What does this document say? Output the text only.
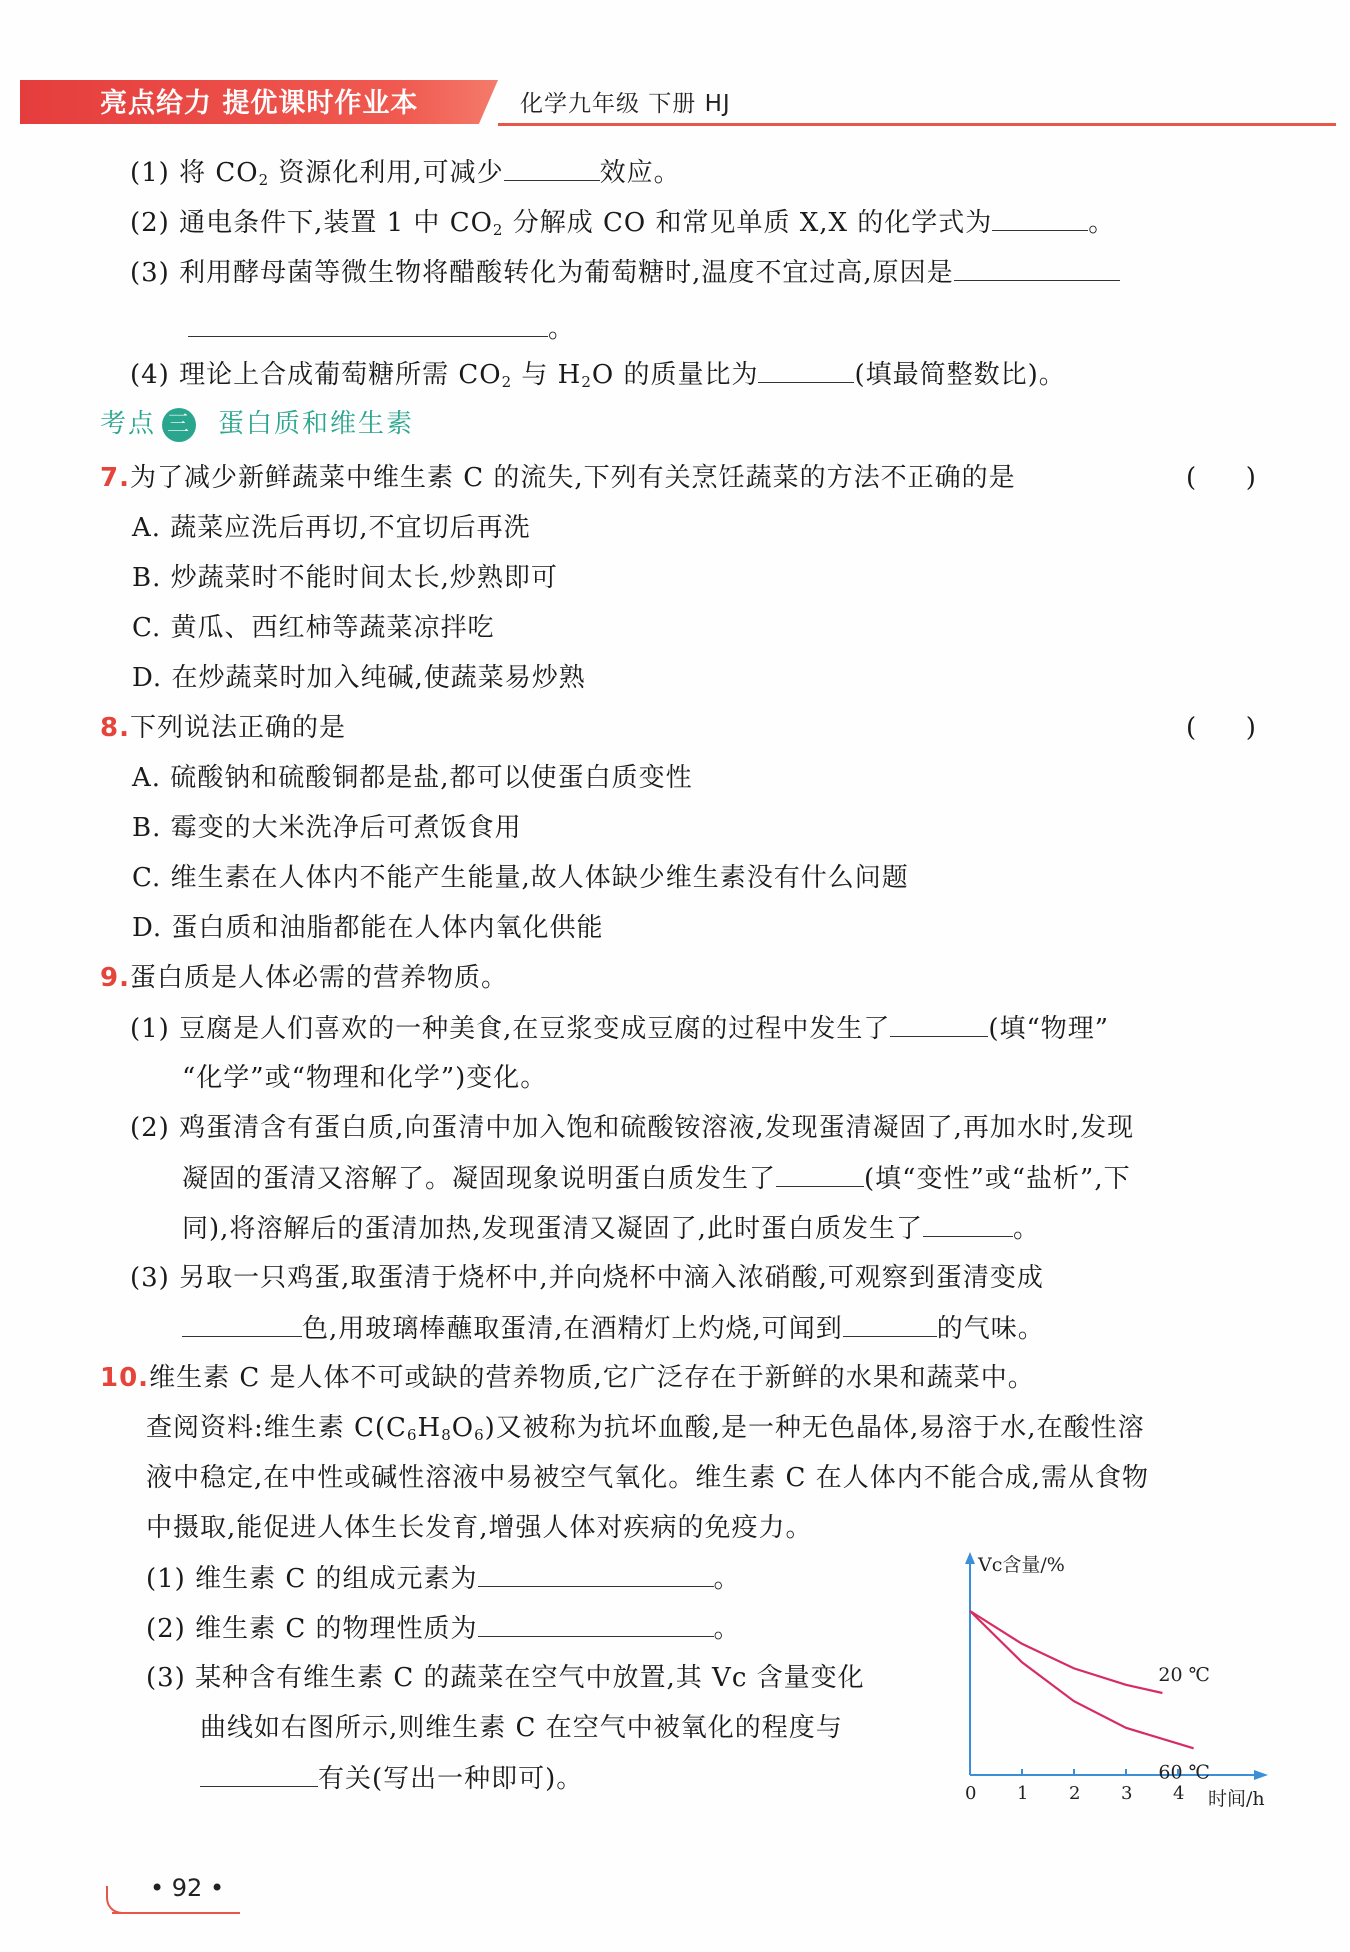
亮点给力 提优课时作业本	化学九年级 下册 HJ
(1) 将 $CO_2$ 资源化利用,可减少	效应。
(2) 通电条件下,装置 1 中 $CO_2$ 分解成 CO 和常见单质 X,X 的化学式为	。
(3) 利用酵母菌等微生物将醋酸转化为葡萄糖时,温度不宜过高,原因是
。
(4) 理论上合成葡萄糖所需 $CO_2$ 与 $H_2O$ 的质量比为	(填最简整数比)。
考点 三 蛋白质和维生素
7.为了减少新鲜蔬菜中维生素 C 的流失,下列有关烹饪蔬菜的方法不正确的是	(      )
A. 蔬菜应洗后再切,不宜切后再洗
B. 炒蔬菜时不能时间太长,炒熟即可
C. 黄瓜、西红柿等蔬菜凉拌吃
D. 在炒蔬菜时加入纯碱,使蔬菜易炒熟
8.下列说法正确的是	(      )
A. 硫酸钠和硫酸铜都是盐,都可以使蛋白质变性
B. 霉变的大米洗净后可煮饭食用
C. 维生素在人体内不能产生能量,故人体缺少维生素没有什么问题
D. 蛋白质和油脂都能在人体内氧化供能
9.蛋白质是人体必需的营养物质。
(1) 豆腐是人们喜欢的一种美食,在豆浆变成豆腐的过程中发生了	(填“物理”
“化学”或“物理和化学”)变化。
(2) 鸡蛋清含有蛋白质,向蛋清中加入饱和硫酸铵溶液,发现蛋清凝固了,再加水时,发现
凝固的蛋清又溶解了。凝固现象说明蛋白质发生了	(填“变性”或“盐析”,下
同),将溶解后的蛋清加热,发现蛋清又凝固了,此时蛋白质发生了	。
(3) 另取一只鸡蛋,取蛋清于烧杯中,并向烧杯中滴入浓硝酸,可观察到蛋清变成
色,用玻璃棒蘸取蛋清,在酒精灯上灼烧,可闻到	的气味。
10.维生素 C 是人体不可或缺的营养物质,它广泛存在于新鲜的水果和蔬菜中。
查阅资料:维生素 $C(C_6H_8O_6)$又被称为抗坏血酸,是一种无色晶体,易溶于水,在酸性溶
液中稳定,在中性或碱性溶液中易被空气氧化。维生素 C 在人体内不能合成,需从食物
中摄取,能促进人体生长发育,增强人体对疾病的免疫力。
(1) 维生素 C 的组成元素为	。
(2) 维生素 C 的物理性质为	。
(3) 某种含有维生素 C 的蔬菜在空气中放置,其 Vc 含量变化
曲线如右图所示,则维生素 C 在空气中被氧化的程度与
有关(写出一种即可)。
Vc含量/%
时间/h
0 1 2 3 4
20 ℃
60 ℃
• 92 •
